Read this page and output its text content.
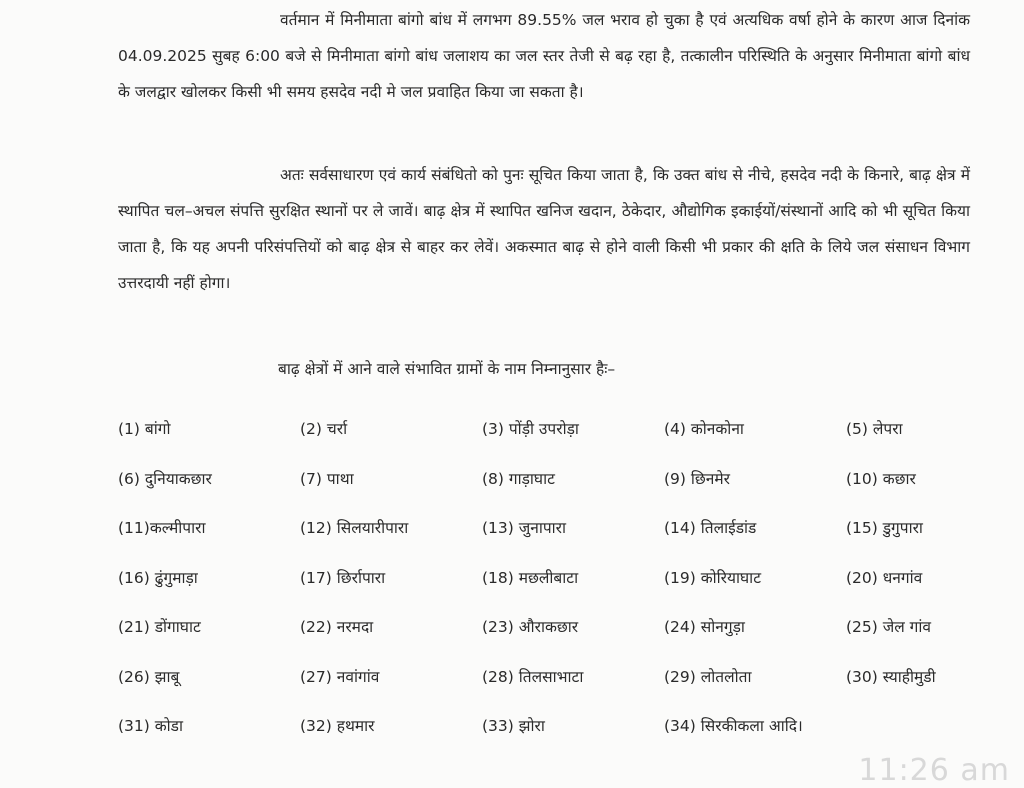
वर्तमान में मिनीमाता बांगो बांध में लगभग 89.55% जल भराव हो चुका है एवं अत्यधिक वर्षा होने के कारण आज दिनांक 04.09.2025 सुबह 6:00 बजे से मिनीमाता बांगो बांध जलाशय का जल स्तर तेजी से बढ़ रहा है, तत्कालीन परिस्थिति के अनुसार मिनीमाता बांगो बांध के जलद्वार खोलकर किसी भी समय हसदेव नदी मे जल प्रवाहित किया जा सकता है।

अतः सर्वसाधारण एवं कार्य संबंधितो को पुनः सूचित किया जाता है, कि उक्त बांध से नीचे, हसदेव नदी के किनारे, बाढ़ क्षेत्र में स्थापित चल–अचल संपत्ति सुरक्षित स्थानों पर ले जावें। बाढ़ क्षेत्र में स्थापित खनिज खदान, ठेकेदार, औद्योगिक इकाईयों/संस्थानों आदि को भी सूचित किया जाता है, कि यह अपनी परिसंपत्तियों को बाढ़ क्षेत्र से बाहर कर लेवें। अकस्मात बाढ़ से होने वाली किसी भी प्रकार की क्षति के लिये जल संसाधन विभाग उत्तरदायी नहीं होगा।

बाढ़ क्षेत्रों में आने वाले संभावित ग्रामों के नाम निम्नानुसार हैः–

(1) बांगो	(2) चर्रा	(3) पोंड़ी उपरोड़ा	(4) कोनकोना	(5) लेपरा
(6) दुनियाकछार	(7) पाथा	(8) गाड़ाघाट	(9) छिनमेर	(10) कछार
(11)कल्मीपारा	(12) सिलयारीपारा	(13) जुनापारा	(14) तिलाईडांड	(15) डुगुपारा
(16) ढुंगुमाड़ा	(17) छिर्रापारा	(18) मछलीबाटा	(19) कोरियाघाट	(20) धनगांव
(21) डोंगाघाट	(22) नरमदा	(23) औराकछार	(24) सोनगुड़ा	(25) जेल गांव
(26) झाबू	(27) नवांगांव	(28) तिलसाभाटा	(29) लोतलोता	(30) स्याहीमुडी
(31) कोडा	(32) हथमार	(33) झोरा	(34) सिरकीकला आदि।
11:26 am
